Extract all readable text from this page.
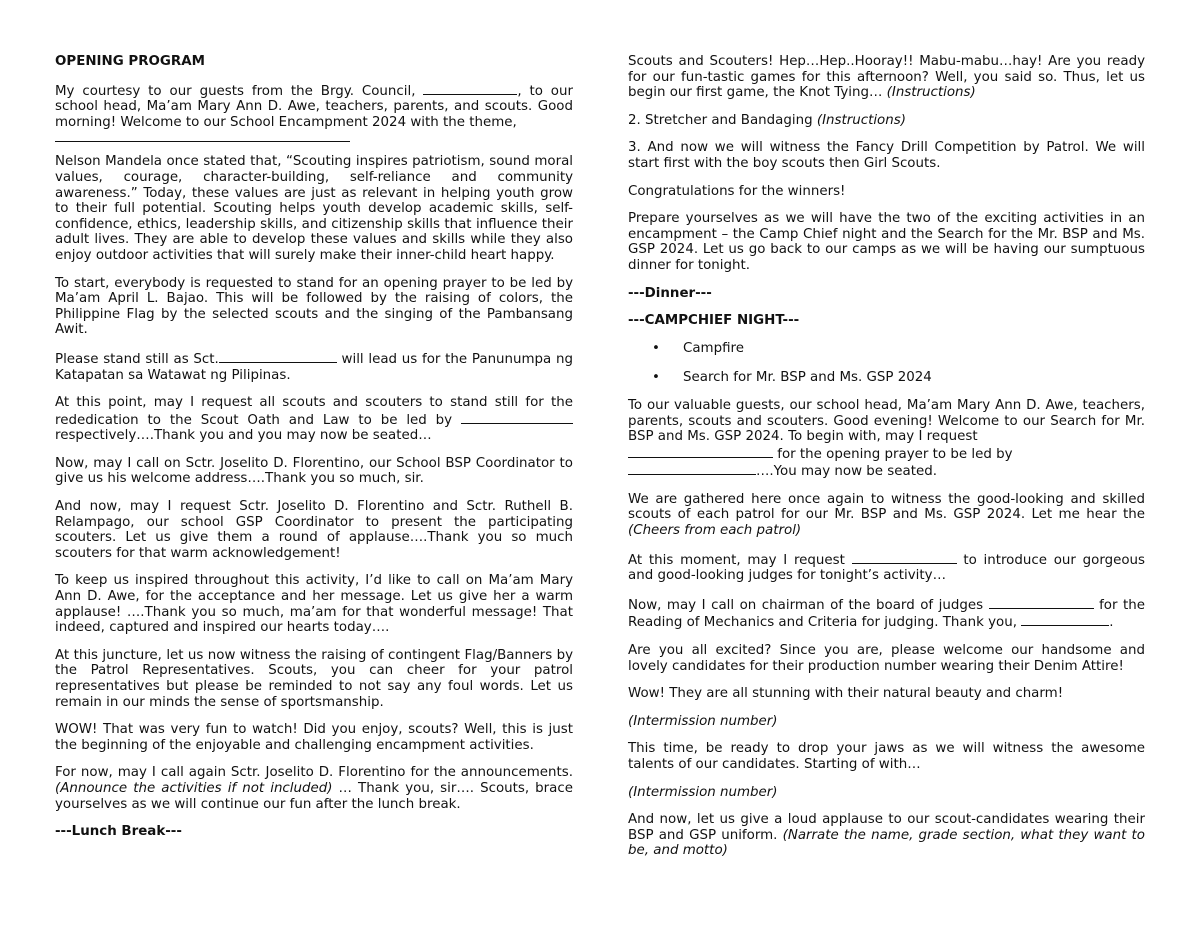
OPENING PROGRAM

My courtesy to our guests from the Brgy. Council,	, to our school head, Ma’am Mary Ann D. Awe, teachers, parents, and scouts. Good morning! Welcome to our School Encampment 2024 with the theme,

Nelson Mandela once stated that, “Scouting inspires patriotism, sound moral values, courage, character-building, self-reliance and community awareness.” Today, these values are just as relevant in helping youth grow to their full potential. Scouting helps youth develop academic skills, self-confidence, ethics, leadership skills, and citizenship skills that influence their adult lives. They are able to develop these values and skills while they also enjoy outdoor activities that will surely make their inner-child heart happy.

To start, everybody is requested to stand for an opening prayer to be led by Ma’am April L. Bajao. This will be followed by the raising of colors, the Philippine Flag by the selected scouts and the singing of the Pambansang Awit.

Please stand still as Sct.	will lead us for the Panunumpa ng Katapatan sa Watawat ng Pilipinas.

At this point, may I request all scouts and scouters to stand still for the rededication to the Scout Oath and Law to be led by  respectively….Thank you and you may now be seated…

Now, may I call on Sctr. Joselito D. Florentino, our School BSP Coordinator to give us his welcome address….Thank you so much, sir.

And now, may I request Sctr. Joselito D. Florentino and Sctr. Ruthell B. Relampago, our school GSP Coordinator to present the participating scouters. Let us give them a round of applause….Thank you so much scouters for that warm acknowledgement!

To keep us inspired throughout this activity, I’d like to call on Ma’am Mary Ann D. Awe, for the acceptance and her message. Let us give her a warm applause! ….Thank you so much, ma’am for that wonderful message! That indeed, captured and inspired our hearts today….

At this juncture, let us now witness the raising of contingent Flag/Banners by the Patrol Representatives. Scouts, you can cheer for your patrol representatives but please be reminded to not say any foul words. Let us remain in our minds the sense of sportsmanship.

WOW! That was very fun to watch! Did you enjoy, scouts? Well, this is just the beginning of the enjoyable and challenging encampment activities.

For now, may I call again Sctr. Joselito D. Florentino for the announcements. (Announce the activities if not included) … Thank you, sir…. Scouts, brace yourselves as we will continue our fun after the lunch break.

---Lunch Break---

Scouts and Scouters! Hep…Hep..Hooray!! Mabu-mabu…hay! Are you ready for our fun-tastic games for this afternoon? Well, you said so. Thus, let us begin our first game, the Knot Tying… (Instructions)

2. Stretcher and Bandaging (Instructions)

3. And now we will witness the Fancy Drill Competition by Patrol. We will start first with the boy scouts then Girl Scouts.

Congratulations for the winners!

Prepare yourselves as we will have the two of the exciting activities in an encampment – the Camp Chief night and the Search for the Mr. BSP and Ms. GSP 2024. Let us go back to our camps as we will be having our sumptuous dinner for tonight.

---Dinner---

---CAMPCHIEF NIGHT---

• Campfire
• Search for Mr. BSP and Ms. GSP 2024

To our valuable guests, our school head, Ma’am Mary Ann D. Awe, teachers, parents, scouts and scouters. Good evening! Welcome to our Search for Mr. BSP and Ms. GSP 2024. To begin with, may I request
for the opening prayer to be led by
….You may now be seated.

We are gathered here once again to witness the good-looking and skilled scouts of each patrol for our Mr. BSP and Ms. GSP 2024. Let me hear the (Cheers from each patrol)

At this moment, may I request	to introduce our gorgeous and good-looking judges for tonight’s activity…

Now, may I call on chairman of the board of judges	for the Reading of Mechanics and Criteria for judging. Thank you,	.

Are you all excited? Since you are, please welcome our handsome and lovely candidates for their production number wearing their Denim Attire!

Wow! They are all stunning with their natural beauty and charm!

(Intermission number)

This time, be ready to drop your jaws as we will witness the awesome talents of our candidates. Starting of with…

(Intermission number)

And now, let us give a loud applause to our scout-candidates wearing their BSP and GSP uniform. (Narrate the name, grade section, what they want to be, and motto)
